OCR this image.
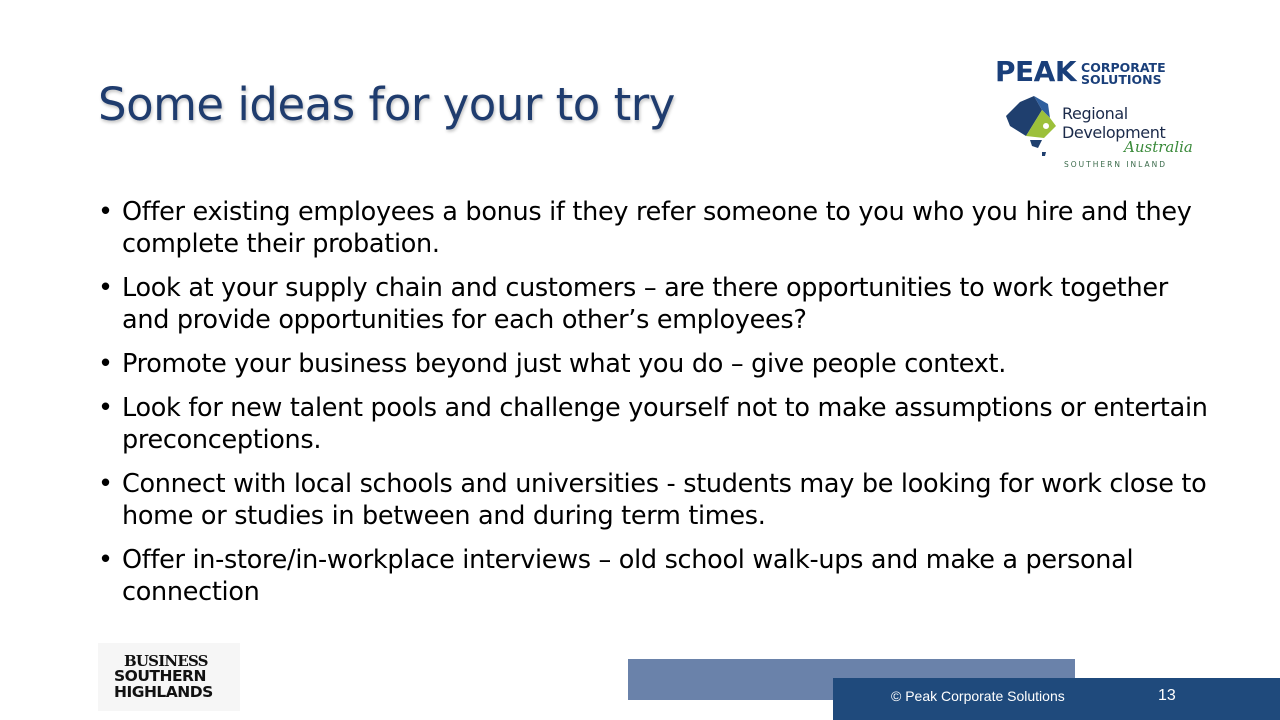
Some ideas for your to try
• Offer existing employees a bonus if they refer someone to you who you hire and they complete their probation.
• Look at your supply chain and customers – are there opportunities to work together and provide opportunities for each other’s employees?
• Promote your business beyond just what you do – give people context.
• Look for new talent pools and challenge yourself not to make assumptions or entertain preconceptions.
• Connect with local schools and universities - students may be looking for work close to home or studies in between and during term times.
• Offer in-store/in-workplace interviews – old school walk-ups and make a personal connection
PEAK CORPORATE
SOLUTIONS
Regional
Development
Australia
SOUTHERN INLAND
BUSINESS
SOUTHERN
HIGHLANDS	© Peak Corporate Solutions	13
